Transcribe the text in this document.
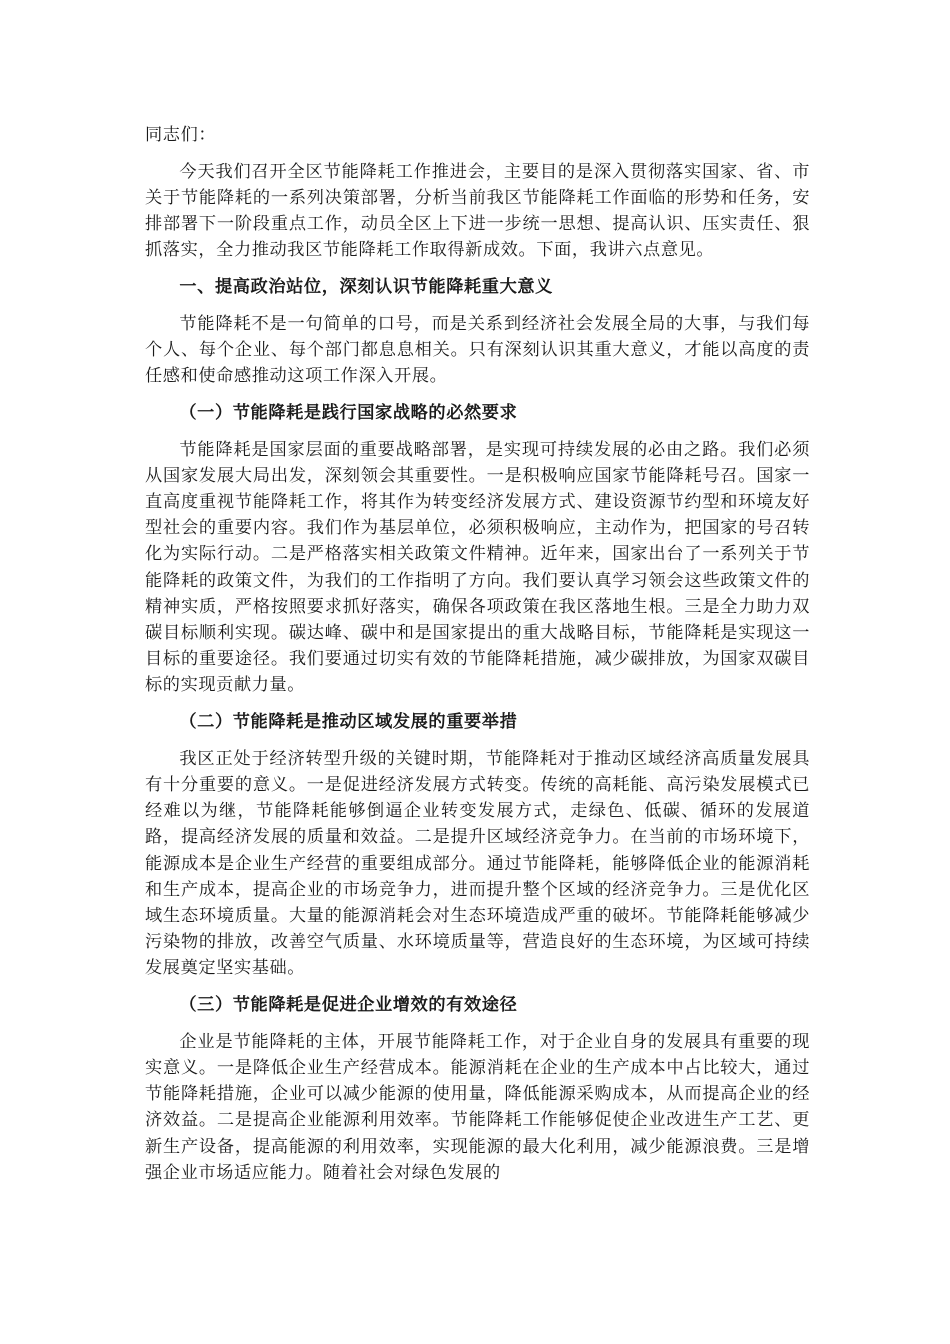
同志们：

今天我们召开全区节能降耗工作推进会，主要目的是深入贯彻落实国家、省、市关于节能降耗的一系列决策部署，分析当前我区节能降耗工作面临的形势和任务，安排部署下一阶段重点工作，动员全区上下进一步统一思想、提高认识、压实责任、狠抓落实，全力推动我区节能降耗工作取得新成效。下面，我讲六点意见。

一、提高政治站位，深刻认识节能降耗重大意义

节能降耗不是一句简单的口号，而是关系到经济社会发展全局的大事，与我们每个人、每个企业、每个部门都息息相关。只有深刻认识其重大意义，才能以高度的责任感和使命感推动这项工作深入开展。

（一）节能降耗是践行国家战略的必然要求

节能降耗是国家层面的重要战略部署，是实现可持续发展的必由之路。我们必须从国家发展大局出发，深刻领会其重要性。一是积极响应国家节能降耗号召。国家一直高度重视节能降耗工作，将其作为转变经济发展方式、建设资源节约型和环境友好型社会的重要内容。我们作为基层单位，必须积极响应，主动作为，把国家的号召转化为实际行动。二是严格落实相关政策文件精神。近年来，国家出台了一系列关于节能降耗的政策文件，为我们的工作指明了方向。我们要认真学习领会这些政策文件的精神实质，严格按照要求抓好落实，确保各项政策在我区落地生根。三是全力助力双碳目标顺利实现。碳达峰、碳中和是国家提出的重大战略目标，节能降耗是实现这一目标的重要途径。我们要通过切实有效的节能降耗措施，减少碳排放，为国家双碳目标的实现贡献力量。

（二）节能降耗是推动区域发展的重要举措

我区正处于经济转型升级的关键时期，节能降耗对于推动区域经济高质量发展具有十分重要的意义。一是促进经济发展方式转变。传统的高耗能、高污染发展模式已经难以为继，节能降耗能够倒逼企业转变发展方式，走绿色、低碳、循环的发展道路，提高经济发展的质量和效益。二是提升区域经济竞争力。在当前的市场环境下，能源成本是企业生产经营的重要组成部分。通过节能降耗，能够降低企业的能源消耗和生产成本，提高企业的市场竞争力，进而提升整个区域的经济竞争力。三是优化区域生态环境质量。大量的能源消耗会对生态环境造成严重的破坏。节能降耗能够减少污染物的排放，改善空气质量、水环境质量等，营造良好的生态环境，为区域可持续发展奠定坚实基础。

（三）节能降耗是促进企业增效的有效途径

企业是节能降耗的主体，开展节能降耗工作，对于企业自身的发展具有重要的现实意义。一是降低企业生产经营成本。能源消耗在企业的生产成本中占比较大，通过节能降耗措施，企业可以减少能源的使用量，降低能源采购成本，从而提高企业的经济效益。二是提高企业能源利用效率。节能降耗工作能够促使企业改进生产工艺、更新生产设备，提高能源的利用效率，实现能源的最大化利用，减少能源浪费。三是增强企业市场适应能力。随着社会对绿色发展的
